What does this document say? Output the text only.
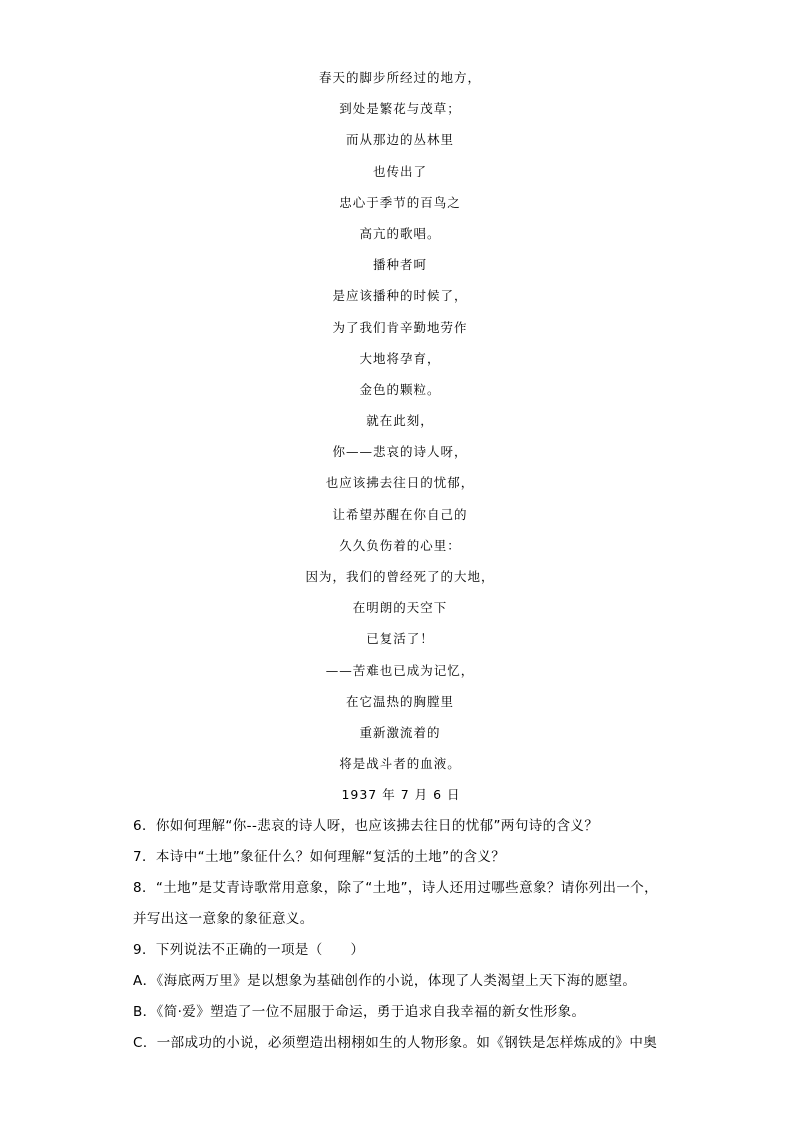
春天的脚步所经过的地方，
到处是繁花与茂草；
而从那边的丛林里
也传出了
忠心于季节的百鸟之
高亢的歌唱。
播种者呵
是应该播种的时候了，
为了我们肯辛勤地劳作
大地将孕育，
金色的颗粒。
就在此刻，
你——悲哀的诗人呀，
也应该拂去往日的忧郁，
让希望苏醒在你自己的
久久负伤着的心里：
因为，我们的曾经死了的大地，
在明朗的天空下
已复活了！
——苦难也已成为记忆，
在它温热的胸膛里
重新激流着的
将是战斗者的血液。
1937 年 7 月 6 日

6．你如何理解“你--悲哀的诗人呀，也应该拂去往日的忧郁”两句诗的含义？

7．本诗中“土地”象征什么？如何理解“复活的土地”的含义？

8．“土地”是艾青诗歌常用意象，除了“土地”，诗人还用过哪些意象？请你列出一个，

并写出这一意象的象征意义。

9．下列说法不正确的一项是（　　）

A．《海底两万里》是以想象为基础创作的小说，体现了人类渴望上天下海的愿望。

B．《简·爱》塑造了一位不屈服于命运，勇于追求自我幸福的新女性形象。

C．一部成功的小说，必须塑造出栩栩如生的人物形象。如《钢铁是怎样炼成的》中奥
